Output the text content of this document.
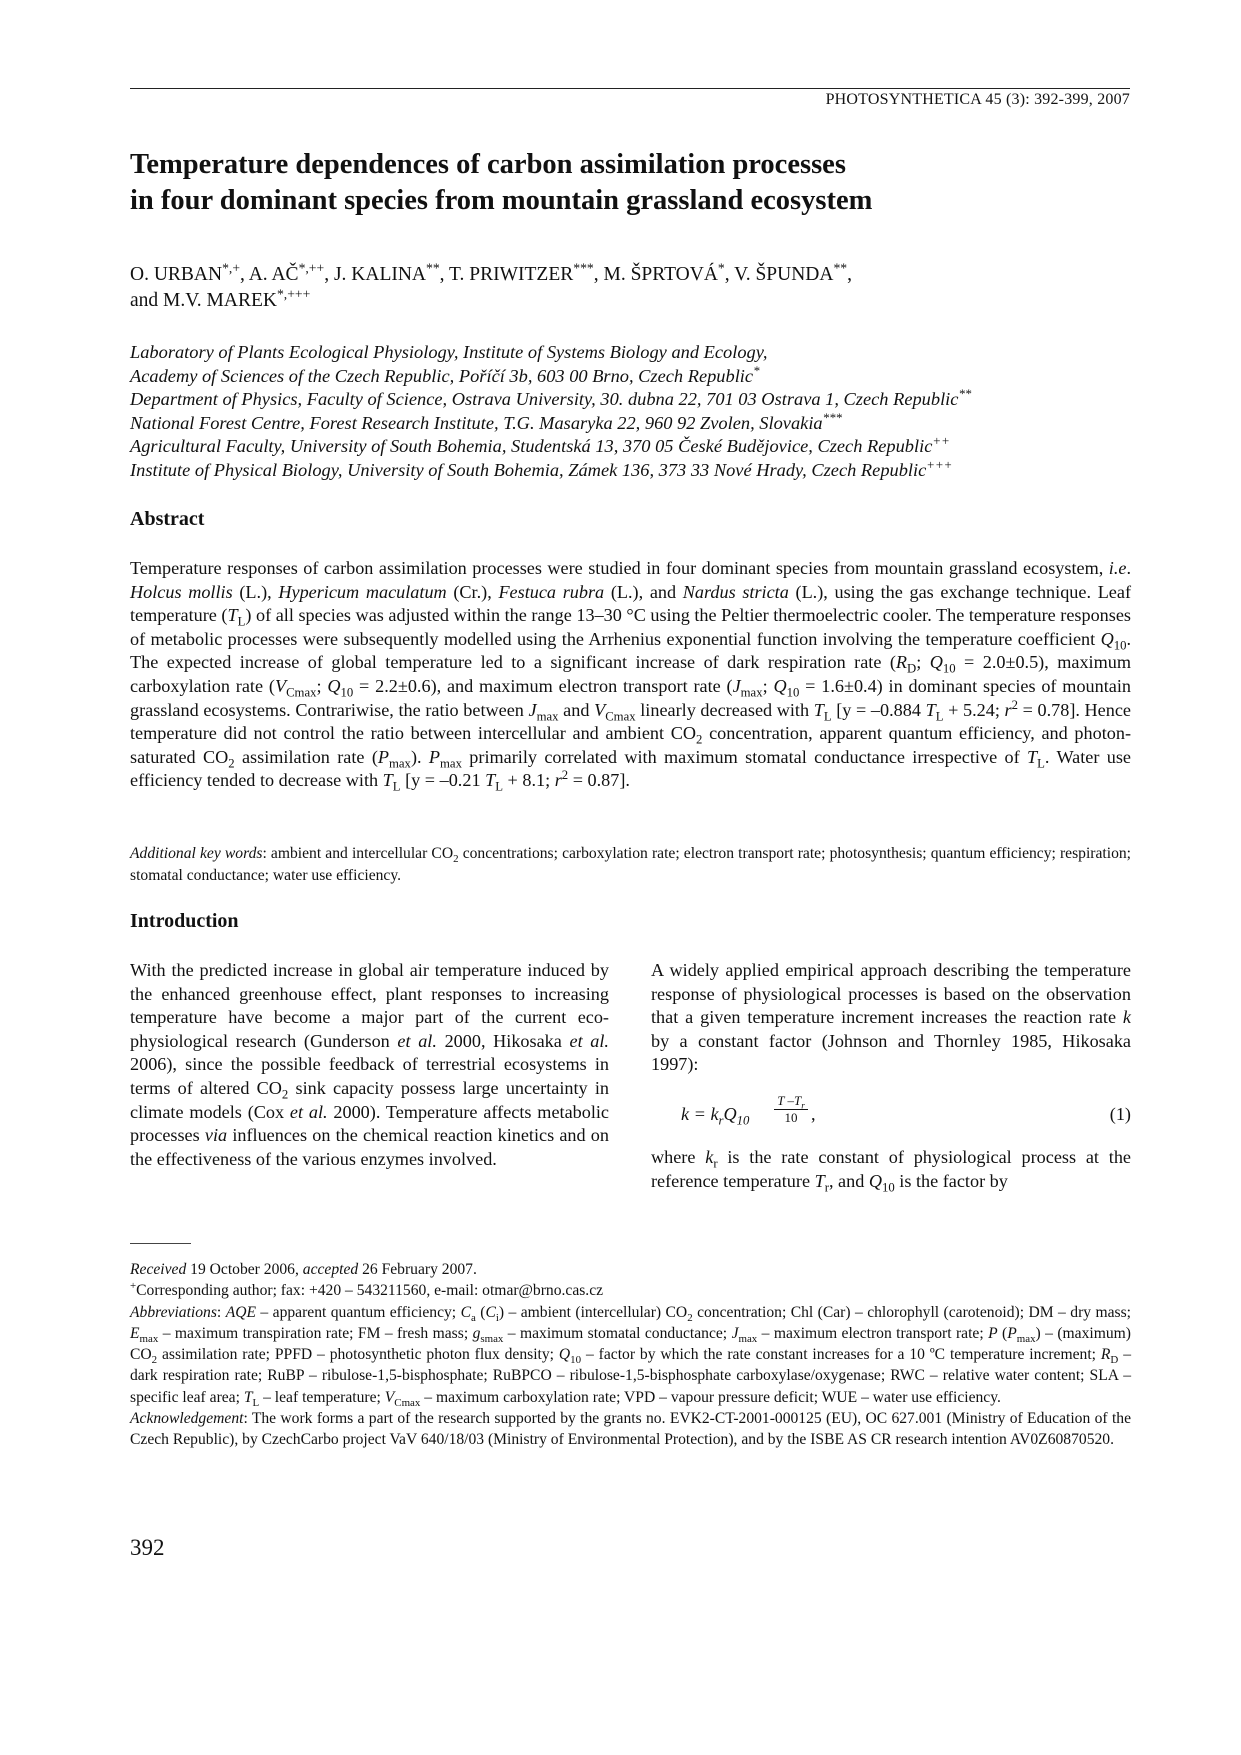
PHOTOSYNTHETICA 45 (3): 392-399, 2007
Temperature dependences of carbon assimilation processes
in four dominant species from mountain grassland ecosystem
O. URBAN*,+, A. AČ*,++, J. KALINA**, T. PRIWITZER***, M. ŠPRTOVÁ*, V. ŠPUNDA**,
and M.V. MAREK*,+++
Laboratory of Plants Ecological Physiology, Institute of Systems Biology and Ecology,
Academy of Sciences of the Czech Republic, Poříčí 3b, 603 00 Brno, Czech Republic*
Department of Physics, Faculty of Science, Ostrava University, 30. dubna 22, 701 03 Ostrava 1, Czech Republic**
National Forest Centre, Forest Research Institute, T.G. Masaryka 22, 960 92 Zvolen, Slovakia***
Agricultural Faculty, University of South Bohemia, Studentská 13, 370 05 České Budějovice, Czech Republic++
Institute of Physical Biology, University of South Bohemia, Zámek 136, 373 33 Nové Hrady, Czech Republic+++
Abstract
Temperature responses of carbon assimilation processes were studied in four dominant species from mountain grassland ecosystem, i.e. Holcus mollis (L.), Hypericum maculatum (Cr.), Festuca rubra (L.), and Nardus stricta (L.), using the gas exchange technique. Leaf temperature $(T_L)$ of all species was adjusted within the range 13–30 °C using the Peltier thermoelectric cooler. The temperature responses of metabolic processes were subsequently modelled using the Arrhenius exponential function involving the temperature coefficient $Q_{10}$. The expected increase of global temperature led to a significant increase of dark respiration rate ($R_D$; $Q_{10} = 2.0\pm 0.5$), maximum carboxylation rate ($V_{Cmax}$; $Q_{10} = 2.2\pm 0.6$), and maximum electron transport rate ($J_{max}$; $Q_{10} = 1.6\pm 0.4$) in dominant species of mountain grassland ecosystems. Contrariwise, the ratio between $J_{max}$ and $V_{Cmax}$ linearly decreased with $T_L$ [y = –0.884 $T_L + 5.24$; $r^2 = 0.78$]. Hence temperature did not control the ratio between intercellular and ambient $CO_2$ concentration, apparent quantum efficiency, and photon-saturated $CO_2$ assimilation rate $(P_{max})$. $P_{max}$ primarily correlated with maximum stomatal conductance irrespective of $T_L$. Water use efficiency tended to decrease with $T_L$ [y = –0.21 $T_L + 8.1$; $r^2 = 0.87$].
Additional key words: ambient and intercellular $CO_2$ concentrations; carboxylation rate; electron transport rate; photosynthesis; quantum efficiency; respiration; stomatal conductance; water use efficiency.
Introduction
With the predicted increase in global air temperature induced by the enhanced greenhouse effect, plant responses to increasing temperature have become a major part of the current eco-physiological research (Gunderson et al. 2000, Hikosaka et al. 2006), since the possible feedback of terrestrial ecosystems in terms of altered $CO_2$ sink capacity possess large uncertainty in climate models (Cox et al. 2000). Temperature affects metabolic processes via influences on the chemical reaction kinetics and on the effectiveness of the various enzymes involved.
A widely applied empirical approach describing the temperature response of physiological processes is based on the observation that a given temperature increment increases the reaction rate k by a constant factor (Johnson and Thornley 1985, Hikosaka 1997):
$k = k_rQ_{10}$
T $-T_r$
10 ,	(1)
where $k_r$ is the rate constant of physiological process at the reference temperature $T_r$, and $Q_{10}$ is the factor by

Received 19 October 2006, accepted 26 February 2007.

+Corresponding author; fax: +420 – 543211560, e-mail: otmar@brno.cas.cz

Abbreviations: AQE – apparent quantum efficiency; $C_a$ $(C_i)$ – ambient (intercellular) $CO_2$ concentration; Chl (Car) – chlorophyll (carotenoid); DM – dry mass; $E_{max}$ – maximum transpiration rate; FM – fresh mass; $g_{smax}$ – maximum stomatal conductance; $J_{max}$ – maximum electron transport rate; P $(P_{max})$ – (maximum) $CO_2$ assimilation rate; PPFD – photosynthetic photon flux density; $Q_{10}$ – factor by which the rate constant increases for a 10 ºC temperature increment; $R_D$ – dark respiration rate; RuBP – ribulose-1,5-bisphosphate; RuBPCO – ribulose-1,5-bisphosphate carboxylase/oxygenase; RWC – relative water content; SLA – specific leaf area; $T_L$ – leaf temperature; $V_{Cmax}$ – maximum carboxylation rate; VPD – vapour pressure deficit; WUE – water use efficiency.

Acknowledgement: The work forms a part of the research supported by the grants no. EVK2-CT-2001-000125 (EU), OC 627.001 (Ministry of Education of the Czech Republic), by CzechCarbo project VaV 640/18/03 (Ministry of Environmental Protection), and by the ISBE AS CR research intention AV0Z60870520.

392
